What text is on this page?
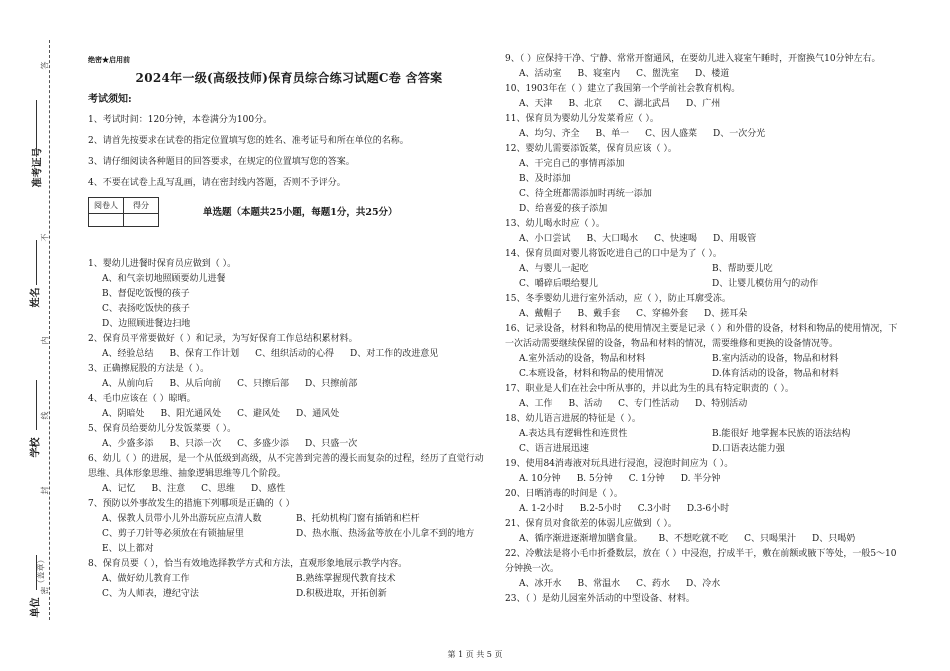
答
不
内
线
封
密
准考证号
姓名
学校
单位
（盖章）
绝密★启用前
2024年一级(高级技师)保育员综合练习试题C卷 含答案
考试须知:
1、考试时间：120分钟，本卷满分为100分。
2、请首先按要求在试卷的指定位置填写您的姓名、准考证号和所在单位的名称。
3、请仔细阅读各种题目的回答要求，在规定的位置填写您的答案。
4、不要在试卷上乱写乱画，请在密封线内答题，否则不予评分。
阅卷人	得分

单选题（本题共25小题，每题1分，共25分）
1、婴幼儿进餐时保育员应做到（ ）。
A、和气亲切地照顾要幼儿进餐
B、督促吃饭慢的孩子
C、表扬吃饭快的孩子
D、边照顾进餐边扫地
2、保育员平常要做好（ ）和记录，为写好保育工作总结积累材料。
A、经验总结 B、保育工作计划 C、组织活动的心得 D、对工作的改进意见
3、正确擦屁股的方法是（ ）。
A、从前向后 B、从后向前 C、只擦后部 D、只擦前部
4、毛巾应该在（ ）晾晒。
A、阴暗处 B、阳光通风处 C、避风处 D、通风处
5、保育员给要幼儿分发饭菜要（ ）。
A、少盛多添 B、只添一次 C、多盛少添 D、只盛一次
6、幼儿（ ）的进展，是一个从低级到高级，从不完善到完善的漫长而复杂的过程，经历了直觉行动思维、具体形象思维、抽象逻辑思维等几个阶段。
A、记忆 B、注意 C、思维 D、感性
7、预防以外事故发生的措施下列哪项是正确的（ ）
A、保教人员带小儿外出游玩应点清人数	B、托幼机构门窗有插销和栏杆
C、剪子刀针等必须放在有锁抽屉里	D、热水瓶、热汤盆等放在小儿拿不到的地方
E、以上都对
8、保育员要（ ），恰当有效地选择教学方式和方法，直观形象地展示教学内容。
A、做好幼儿教育工作	B.熟练掌握现代教育技术
C、为人师表，遵纪守法	D.积极进取，开拓创新
9、（ ）应保持干净、宁静、常常开窗通风，在要幼儿进入寝室午睡时，开窗换气10分钟左右。
A、活动室 B、寝室内 C、盥洗室 D、楼道
10、1903年在（ ）建立了我国第一个学前社会教育机构。
A、天津 B、北京 C、湖北武昌 D、广州
11、保育员为婴幼儿分发菜肴应（ ）。
A、均匀、齐全 B、单一 C、因人盛菜 D、一次分光
12、婴幼儿需要添饭菜，保育员应该（ ）。
A、干完自己的事情再添加
B、及时添加
C、待全班都需添加时再统一添加
D、给喜爱的孩子添加
13、幼儿喝水时应（ ）。
A、小口尝试 B、大口喝水 C、快速喝 D、用吸管
14、保育员面对婴儿将饭吃进自己的口中是为了（ ）。
A、与婴儿一起吃	B、帮助要儿吃
C、嚼碎后喂给婴儿	D、让婴儿模仿用勺的动作
15、冬季婴幼儿进行室外活动，应（ ），防止耳廓受冻。
A、戴帽子 B、戴手套 C、穿棉外套 D、搓耳朵
16、记录设备，材料和物品的使用情况主要是记录（ ）和外借的设备，材料和物品的使用情况，下一次活动需要继续保留的设备，物品和材料的情况，需要维修和更换的设备情况等。
A.室外活动的设备，物品和材料	B.室内活动的设备，物品和材料
C.本班设备，材料和物品的使用情况	D.体育活动的设备，物品和材料
17、职业是人们在社会中所从事的，并以此为生的具有特定职责的（ ）。
A、工作 B、活动 C、专门性活动 D、特别活动
18、幼儿语言进展的特征是（ ）。
A.表达具有逻辑性和连贯性	B.能很好 地掌握本民族的语法结构
C、语言进展迅速	D.口语表达能力强
19、使用84消毒液对玩具进行浸泡，浸泡时间应为（ ）。
A. 10分钟 B. 5分钟 C. 1分钟 D. 半分钟
20、日晒消毒的时间是（ ）。
A. 1-2小时 B.2-5小时 C.3小时 D.3-6小时
21、保育员对食欲差的体弱儿应做到（ ）。
A、循序渐进逐渐增加膳食量。 B、不想吃就不吃 C、只喝果汁 D、只喝奶
22、冷敷法是将小毛巾折叠数层，放在（ ）中浸泡，拧成半干，敷在前额或腋下等处，一般5～10分钟换一次。
A、冰开水 B、常温水 C、药水 D、冷水
23、（ ）是幼儿园室外活动的中型设备、材料。
第 1 页 共 5 页
